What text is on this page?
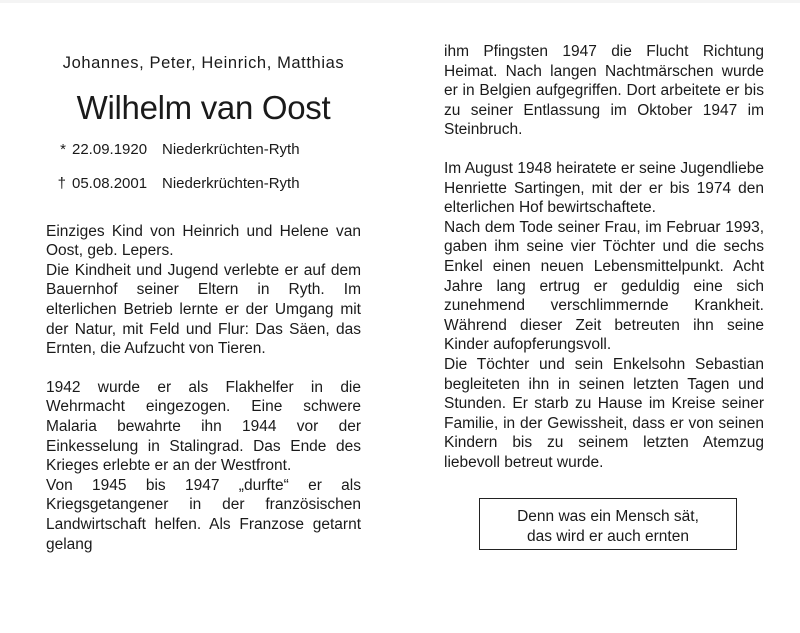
Johannes, Peter, Heinrich, Matthias
Wilhelm van Oost
* 22.09.1920 Niederkrüchten-Ryth
† 05.08.2001 Niederkrüchten-Ryth

Einziges Kind von Heinrich und Helene van Oost, geb. Lepers.

Die Kindheit und Jugend verlebte er auf dem Bauernhof seiner Eltern in Ryth. Im elterlichen Betrieb lernte er der Umgang mit der Natur, mit Feld und Flur: Das Säen, das Ernten, die Aufzucht von Tieren.

1942 wurde er als Flakhelfer in die Wehrmacht eingezogen. Eine schwere Malaria bewahrte ihn 1944 vor der Einkesselung in Stalingrad. Das Ende des Krieges erlebte er an der Westfront.

Von 1945 bis 1947 „durfte“ er als Kriegsgetangener in der französischen Landwirtschaft helfen. Als Franzose getarnt gelang

ihm Pfingsten 1947 die Flucht Richtung Heimat. Nach langen Nachtmärschen wurde er in Belgien aufgegriffen. Dort arbeitete er bis zu seiner Entlassung im Oktober 1947 im Steinbruch.

Im August 1948 heiratete er seine Jugendliebe Henriette Sartingen, mit der er bis 1974 den elterlichen Hof bewirtschaftete.

Nach dem Tode seiner Frau, im Februar 1993, gaben ihm seine vier Töchter und die sechs Enkel einen neuen Lebensmittelpunkt. Acht Jahre lang ertrug er geduldig eine sich zunehmend verschlimmernde Krankheit. Während dieser Zeit betreuten ihn seine Kinder aufopferungsvoll.

Die Töchter und sein Enkelsohn Sebastian begleiteten ihn in seinen letzten Tagen und Stunden. Er starb zu Hause im Kreise seiner Familie, in der Gewissheit, dass er von seinen Kindern bis zu seinem letzten Atemzug liebevoll betreut wurde.

Denn was ein Mensch sät,
das wird er auch ernten
